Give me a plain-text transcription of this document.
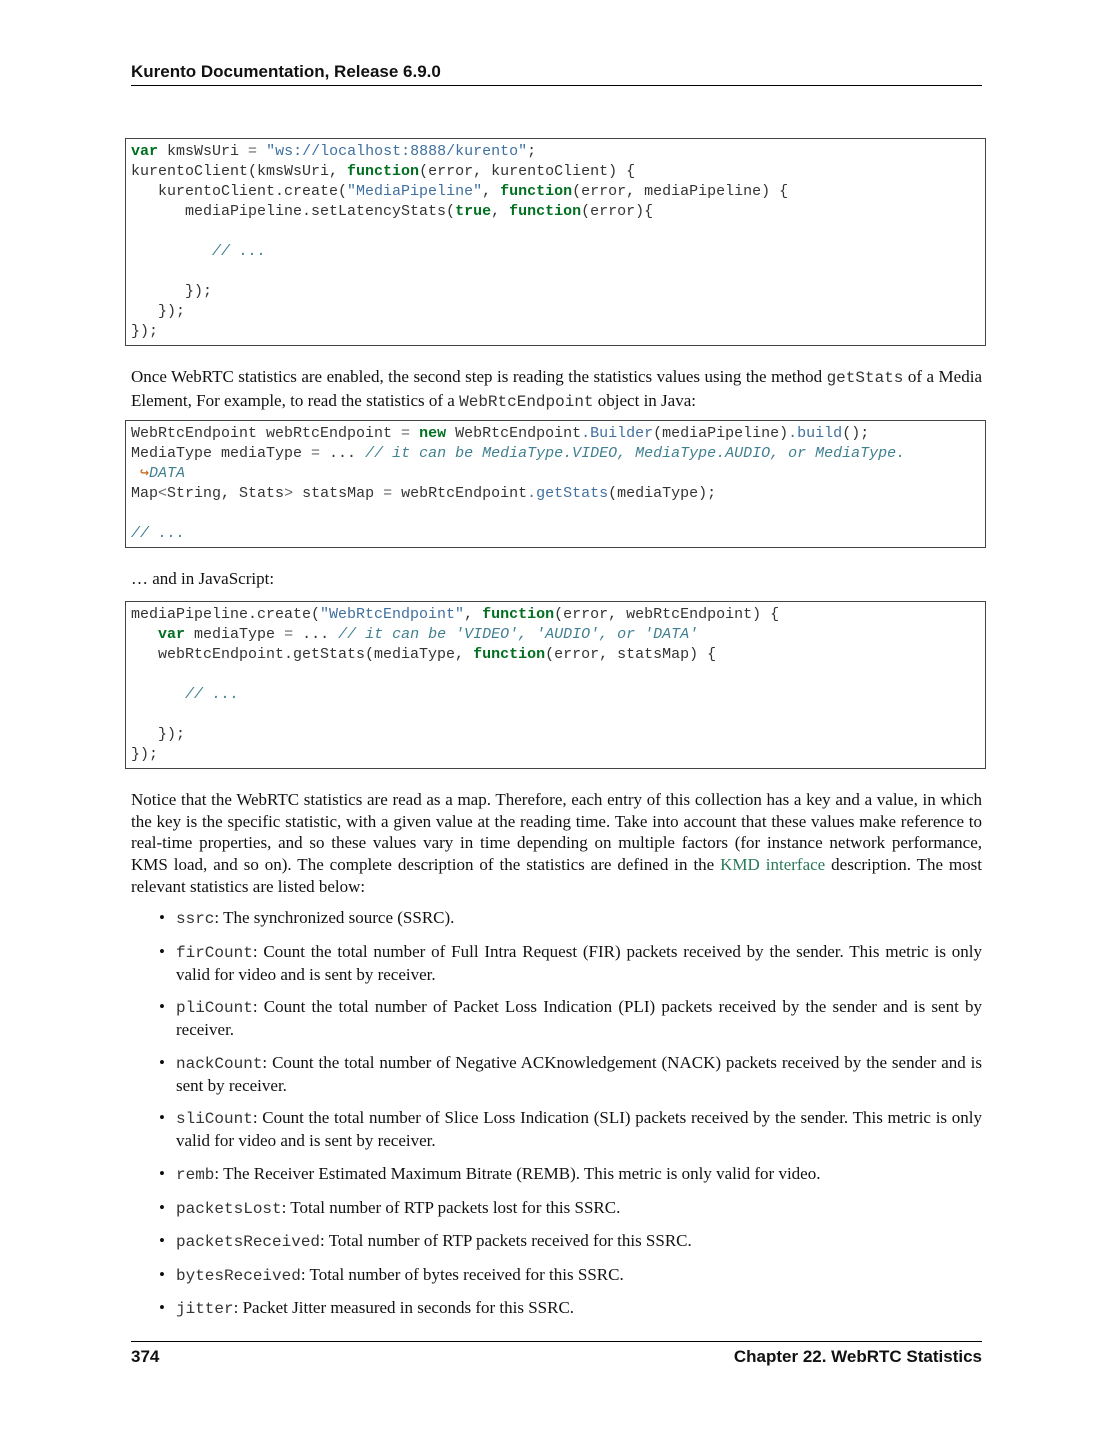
Kurento Documentation, Release 6.9.0
var kmsWsUri = "ws://localhost:8888/kurento";
kurentoClient(kmsWsUri, function(error, kurentoClient) {
kurentoClient.create("MediaPipeline", function(error, mediaPipeline) {
mediaPipeline.setLatencyStats(true, function(error){
// ...
});
});
});
Once WebRTC statistics are enabled, the second step is reading the statistics values using the method getStats of a Media Element, For example, to read the statistics of a WebRtcEndpoint object in Java:
WebRtcEndpoint webRtcEndpoint = new WebRtcEndpoint.Builder(mediaPipeline).build();
MediaType mediaType = ... // it can be MediaType.VIDEO, MediaType.AUDIO, or MediaType.
↪DATA
Map<String, Stats> statsMap = webRtcEndpoint.getStats(mediaType);
// ...
… and in JavaScript:
mediaPipeline.create("WebRtcEndpoint", function(error, webRtcEndpoint) {
var mediaType = ... // it can be 'VIDEO', 'AUDIO', or 'DATA'
webRtcEndpoint.getStats(mediaType, function(error, statsMap) {
// ...
});
});
Notice that the WebRTC statistics are read as a map. Therefore, each entry of this collection has a key and a value, in which the key is the specific statistic, with a given value at the reading time. Take into account that these values make reference to real-time properties, and so these values vary in time depending on multiple factors (for instance network performance, KMS load, and so on). The complete description of the statistics are defined in the KMD interface description. The most relevant statistics are listed below:
• ssrc: The synchronized source (SSRC).
• firCount: Count the total number of Full Intra Request (FIR) packets received by the sender. This metric is only valid for video and is sent by receiver.
• pliCount: Count the total number of Packet Loss Indication (PLI) packets received by the sender and is sent by receiver.
• nackCount: Count the total number of Negative ACKnowledgement (NACK) packets received by the sender and is sent by receiver.
• sliCount: Count the total number of Slice Loss Indication (SLI) packets received by the sender. This metric is only valid for video and is sent by receiver.
• remb: The Receiver Estimated Maximum Bitrate (REMB). This metric is only valid for video.
• packetsLost: Total number of RTP packets lost for this SSRC.
• packetsReceived: Total number of RTP packets received for this SSRC.
• bytesReceived: Total number of bytes received for this SSRC.
• jitter: Packet Jitter measured in seconds for this SSRC.
374	Chapter 22. WebRTC Statistics
